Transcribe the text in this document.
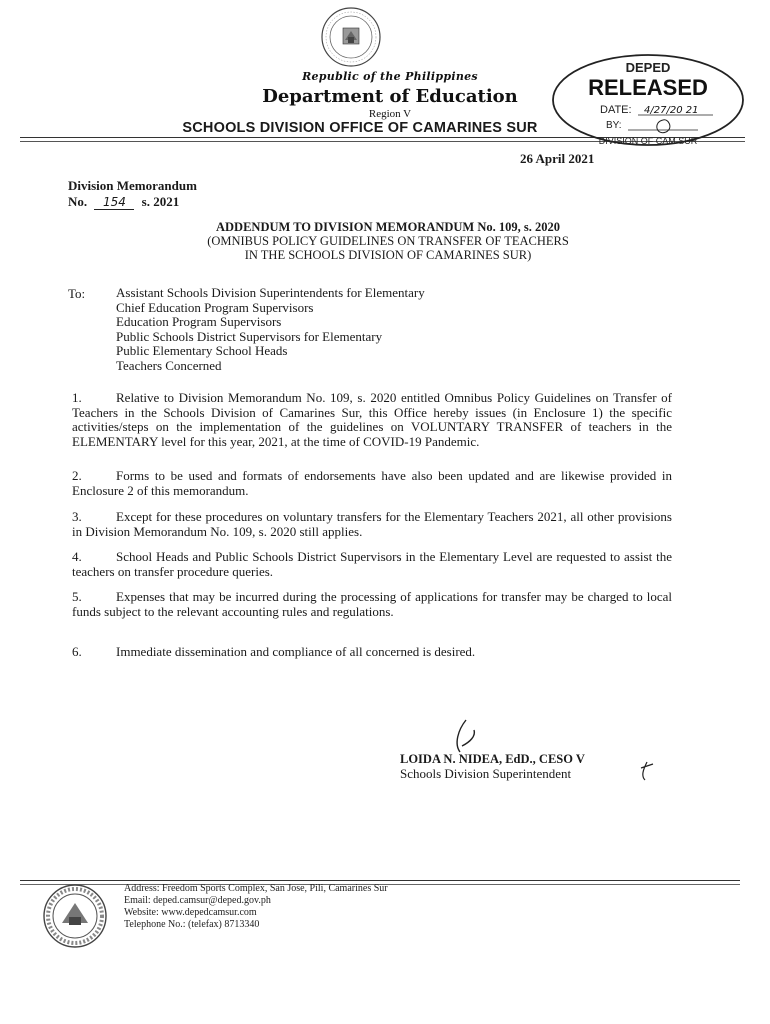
Republic of the Philippines
Department of Education
Region V
SCHOOLS DIVISION OFFICE OF CAMARINES SUR
DEPED
RELEASED
DATE: 4/27/20 21
BY:
DIVISION OF CAM SUR
26 April 2021
Division Memorandum
No. 154 s. 2021
ADDENDUM TO DIVISION MEMORANDUM No. 109, s. 2020
(OMNIBUS POLICY GUIDELINES ON TRANSFER OF TEACHERS
IN THE SCHOOLS DIVISION OF CAMARINES SUR)
To: Assistant Schools Division Superintendents for Elementary
Chief Education Program Supervisors
Education Program Supervisors
Public Schools District Supervisors for Elementary
Public Elementary School Heads
Teachers Concerned
1.	Relative to Division Memorandum No. 109, s. 2020 entitled Omnibus Policy Guidelines on Transfer of Teachers in the Schools Division of Camarines Sur, this Office hereby issues (in Enclosure 1) the specific activities/steps on the implementation of the guidelines on VOLUNTARY TRANSFER of teachers in the ELEMENTARY level for this year, 2021, at the time of COVID-19 Pandemic.
2.	Forms to be used and formats of endorsements have also been updated and are likewise provided in Enclosure 2 of this memorandum.
3.	Except for these procedures on voluntary transfers for the Elementary Teachers 2021, all other provisions in Division Memorandum No. 109, s. 2020 still applies.
4.	School Heads and Public Schools District Supervisors in the Elementary Level are requested to assist the teachers on transfer procedure queries.
5.	Expenses that may be incurred during the processing of applications for transfer may be charged to local funds subject to the relevant accounting rules and regulations.
6.	Immediate dissemination and compliance of all concerned is desired.
LOIDA N. NIDEA, EdD., CESO V
Schools Division Superintendent
Address: Freedom Sports Complex, San Jose, Pili, Camarines Sur
Email: deped.camsur@deped.gov.ph
Website: www.depedcamsur.com
Telephone No.: (telefax) 8713340
